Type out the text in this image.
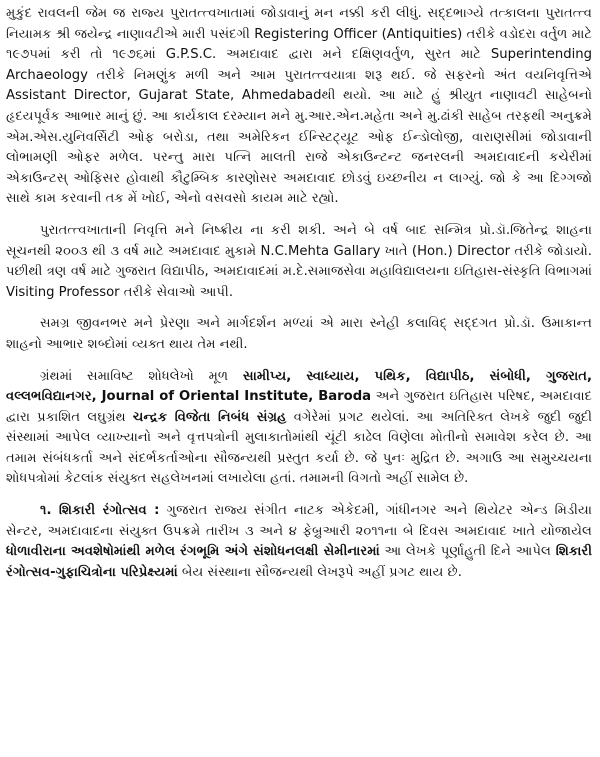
મુકુંદ રાવલની જેમ જ રાજ્ય પુરાતત્ત્વખાતામાં જોડાવાનું મન નક્કી કરી લીધું. સદ્દભાગ્યે તત્કાલના પુરાતત્ત્વ નિયામક શ્રી જયેન્દ્ર નાણાવટીએ મારી પસંદગી Registering Officer (Antiquities) તરીકે વડોદરા વર્તુળ માટે ૧૯૭૫માં કરી તો ૧૯૭૬માં G.P.S.C. અમદાવાદ દ્વારા મને દક્ષિણવર્તુળ, સુરત માટે Superintending Archaeology તરીકે નિમણુંક મળી અને આમ પુરાતત્ત્વયાત્રા શરૂ થઈ. જે સફરનો અંત વયનિવૃત્તિએ Assistant Director, Gujarat State, Ahmedabadથી થયો. આ માટે હું શ્રીયુત નાણાવટી સાહેબનો હૃદયપૂર્વક આભાર માનું છું. આ કાર્યકાલ દરમ્યાન મને મુ.આર.એન.મહેતા અને મુ.ઢાંકી સાહેબ તરફથી અનુક્રમે એમ.એસ.યુનિવર્સિટી ઓફ બરોડા, તથા અમેરિકન ઈન્સ્ટિટ્યૂટ ઓફ ઈન્ડોલોજી, વારાણસીમાં જોડાવાની લોભામણી ઓફર મળેલ. પરન્તુ મારા પત્નિ માલતી રાજે એકાઉન્ટન્ટ જનરલની અમદાવાદની કચેરીમાં એકાઉન્ટસ્ ઓફિસર હોવાથી કૌટુમ્બિક કારણોસર અમદાવાદ છોડવું ઇચ્છનીય ન લાગ્યું. જો કે આ દિગ્ગજો સાથે કામ કરવાની તક મેં ખોઈ, એનો વસવસો કાયમ માટે રહ્યો.

પુરાતત્ત્વખાતાની નિવૃત્તિ મને નિષ્ક્રીય ના કરી શકી. અને બે વર્ષ બાદ સન્મિત્ર પ્રો.ડૉ.જિતેન્દ્ર શાહના સૂચનથી ૨૦૦૩ થી ૩ વર્ષ માટે અમદાવાદ મુકામે N.C.Mehta Gallary ખાતે (Hon.) Director તરીકે જોડાયો. પછીથી ત્રણ વર્ષ માટે ગુજરાત વિદ્યાપીઠ, અમદાવાદમાં મ.દે.સમાજસેવા મહાવિદ્યાલયના ઇતિહાસ-સંસ્કૃતિ વિભાગમાં Visiting Professor તરીકે સેવાઓ આપી.

સમગ્ર જીવનભર મને પ્રેરણા અને માર્ગદર્શન મળ્યાં એ મારા સ્નેહી કલાવિદ્ સદ્દગત પ્રો.ડૉ. ઉમાકાન્ત શાહનો આભાર શબ્દોમાં વ્યક્ત થાય તેમ નથી.

ગ્રંથમાં સમાવિષ્ટ શોધલેખો મૂળ સામીપ્ય, સ્વાધ્યાય, પથિક, વિદ્યાપીઠ, સંબોધી, ગુજરાત, વલ્લભવિદ્યાનગર, Journal of Oriental Institute, Baroda અને ગુજરાત ઇતિહાસ પરિષદ, અમદાવાદ દ્વારા પ્રકાશિત લઘુગ્રંથ ચન્દ્રક વિજેતા નિબંધ સંગ્રહ વગેરેમાં પ્રગટ થયેલાં. આ અતિરિક્ત લેખકે જુદી જુદી સંસ્થામાં આપેલ વ્યાખ્યાનો અને વૃત્તપત્રોની મુલાકાતોમાંથી ચૂંટી કાઢેલ વિણેલા મોતીનો સમાવેશ કરેલ છે. આ તમામ સંબંધકર્તા અને સંદર્ભકર્તાઓના સૌજન્યથી પ્રસ્તુત કર્યા છે. જે પુનઃ મુદ્રિત છે. અગાઉ આ સમુચ્ચયના શોધપત્રોમાં કેટલાંક સંયુક્ત સહલેખનમાં લખાયેલા હતાં. તમામની વિગતો અહીં સામેલ છે.

૧. શિકારી રંગોત્સવ : ગુજરાત રાજ્ય સંગીત નાટક એકેદમી, ગાંધીનગર અને થિયેટર એન્ડ મિડીયા સેન્ટર, અમદાવાદના સંયુક્ત ઉપક્રમે તારીખ ૩ અને ૪ ફેબ્રુઆરી ૨૦૧૧ના બે દિવસ અમદાવાદ ખાતે યોજાયેલ ધોળાવીરાના અવશેષોમાંથી મળેલ રંગભૂમિ અંગે સંશોધનલક્ષી સેમીનારમાં આ લેખકે પૂર્ણાહુતી દિને આપેલ શિકારી રંગોત્સવ-ગુફાચિત્રોના પરિપ્રેક્ષ્યમાં બેય સંસ્થાના સૌજન્યથી લેખરૂપે અહીં પ્રગટ થાય છે.
